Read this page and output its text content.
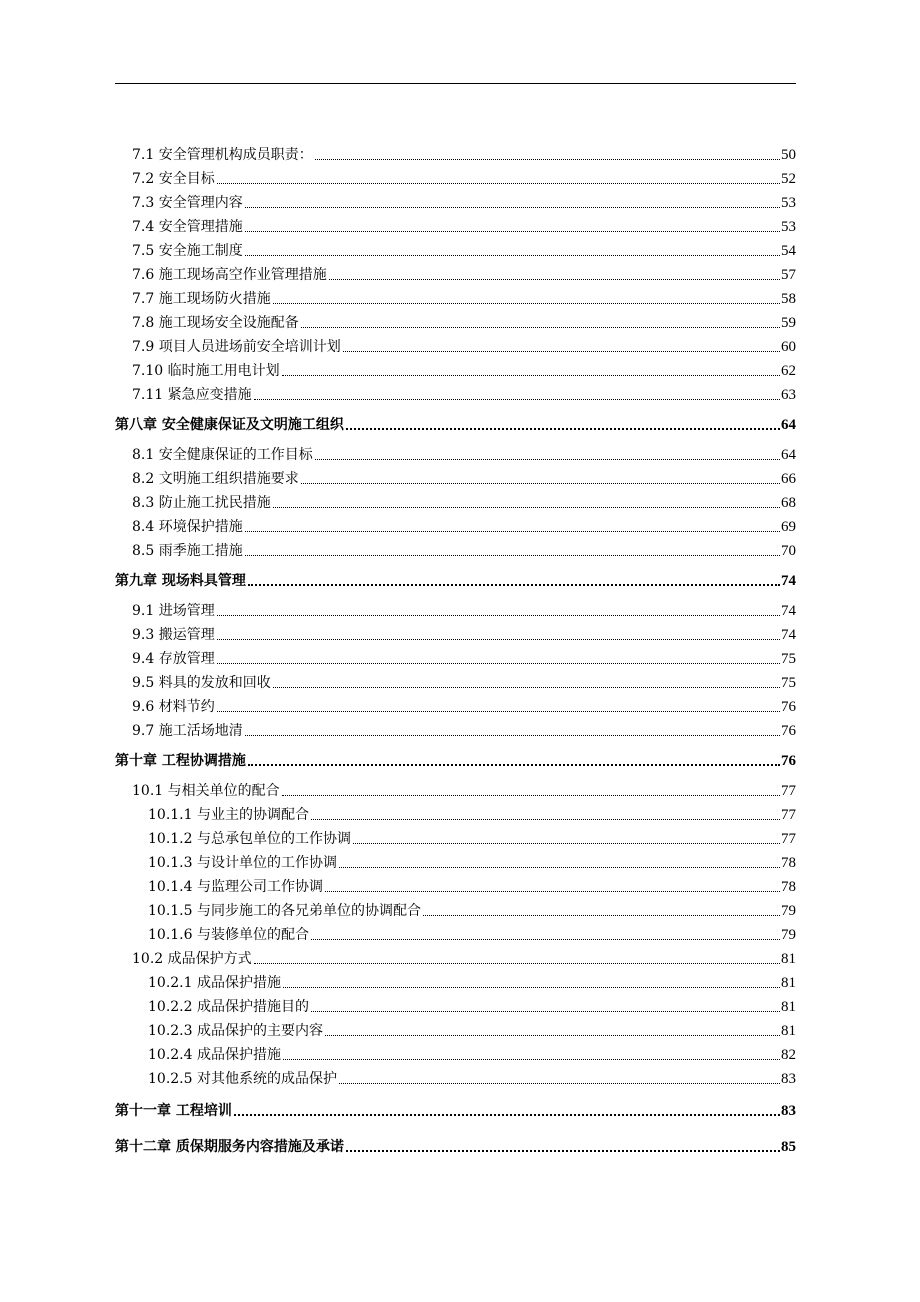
7.1 安全管理机构成员职责：	50
7.2 安全目标	52
7.3 安全管理内容	53
7.4 安全管理措施	53
7.5 安全施工制度	54
7.6 施工现场高空作业管理措施	57
7.7 施工现场防火措施	58
7.8 施工现场安全设施配备	59
7.9 项目人员进场前安全培训计划	60
7.10 临时施工用电计划	62
7.11 紧急应变措施	63
第八章 安全健康保证及文明施工组织	64
8.1 安全健康保证的工作目标	64
8.2 文明施工组织措施要求	66
8.3 防止施工扰民措施	68
8.4 环境保护措施	69
8.5 雨季施工措施	70
第九章 现场料具管理	74
9.1 进场管理	74
9.3 搬运管理	74
9.4 存放管理	75
9.5 料具的发放和回收	75
9.6 材料节约	76
9.7 施工活场地清	76
第十章 工程协调措施	76
10.1 与相关单位的配合	77
10.1.1 与业主的协调配合	77
10.1.2 与总承包单位的工作协调	77
10.1.3 与设计单位的工作协调	78
10.1.4 与监理公司工作协调	78
10.1.5 与同步施工的各兄弟单位的协调配合	79
10.1.6 与装修单位的配合	79
10.2 成品保护方式	81
10.2.1 成品保护措施	81
10.2.2 成品保护措施目的	81
10.2.3 成品保护的主要内容	81
10.2.4 成品保护措施	82
10.2.5 对其他系统的成品保护	83
第十一章 工程培训	83
第十二章 质保期服务内容措施及承诺	85
